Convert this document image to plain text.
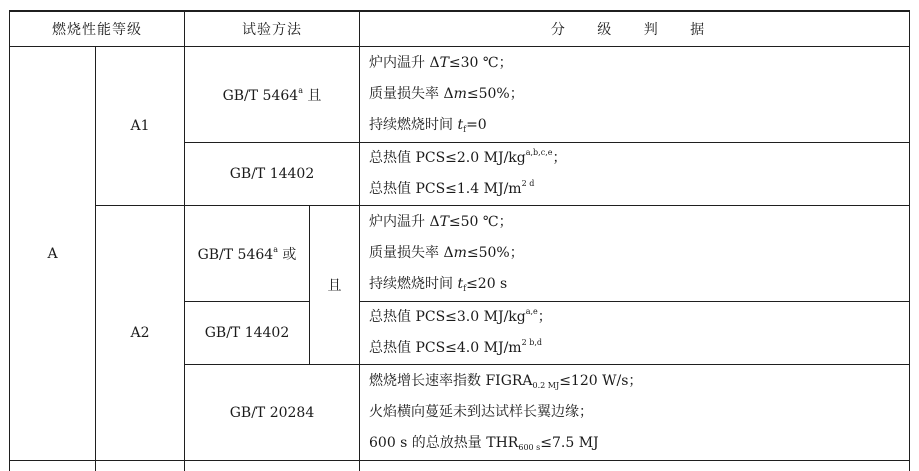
燃烧性能等级		试验方法		分 级 判 据
A	A1	GB/T 5464$^a$ 且		炉内温升 ΔT≤30 ℃；
质量损失率 Δm≤50%；
持续燃烧时间 $t_f=0$

		GB/T 14402		总热值 PCS≤2.0 MJ/kg$^{a,b,c,e}$；
总热值 PCS≤1.4 $MJ/m^{2 d}$

	A2	GB/T 5464$^a$ 或	且	炉内温升 ΔT≤50 ℃；
质量损失率 Δm≤50%；
持续燃烧时间 $t_f\le 20$ s

		GB/T 14402		总热值 PCS≤3.0 MJ/kg$^{a,e}$；
总热值 PCS≤4.0 $MJ/m^{2 b,d}$

		GB/T 20284		燃烧增长速率指数 $FIGRA_{0.2 MJ}\le 120$ W/s；
火焰横向蔓延未到达试样长翼边缘；
600 s 的总放热量 $THR_{600 s}\le 7.5$ MJ
